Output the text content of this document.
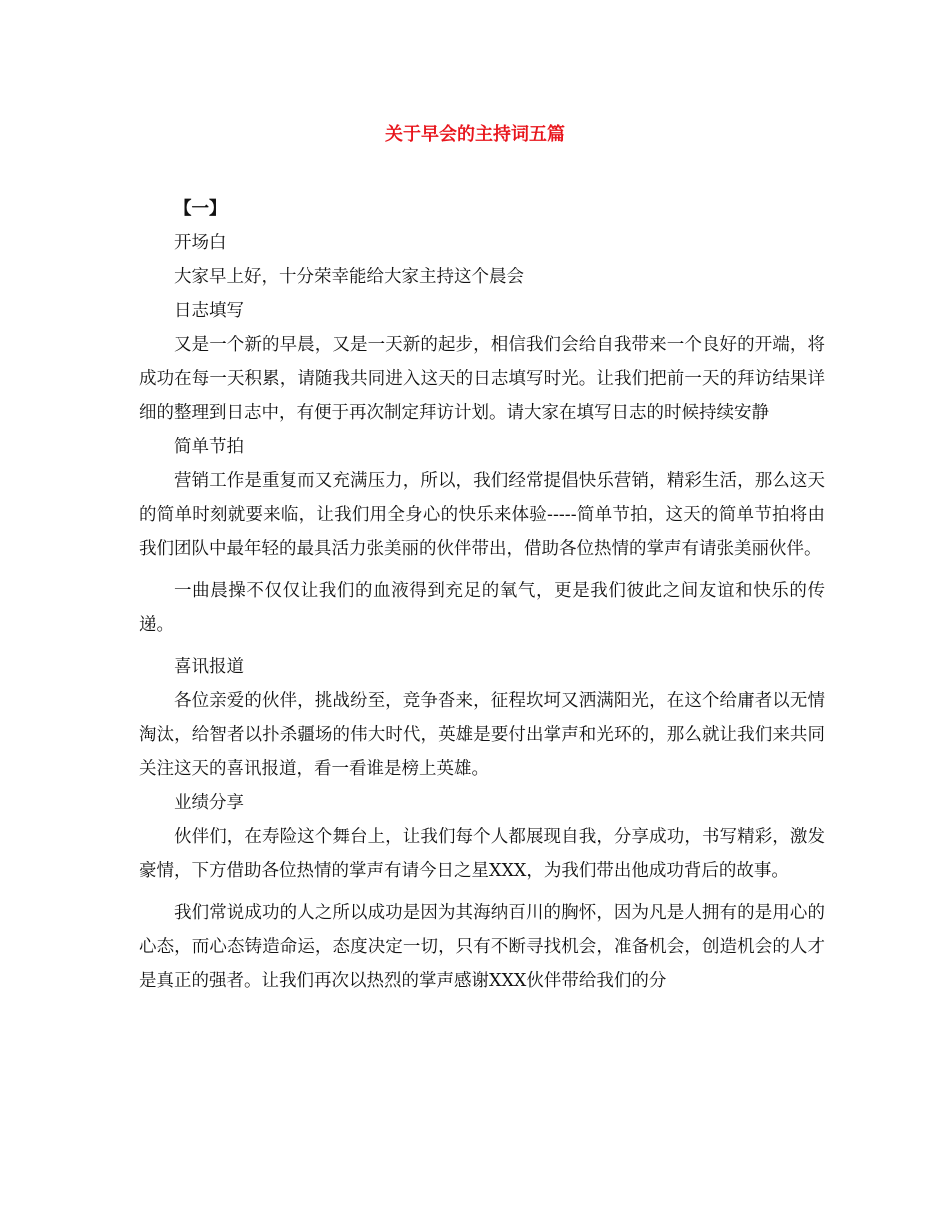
关于早会的主持词五篇

【一】

开场白

大家早上好，十分荣幸能给大家主持这个晨会

日志填写

又是一个新的早晨，又是一天新的起步，相信我们会给自我带来一个良好的开端，将成功在每一天积累，请随我共同进入这天的日志填写时光。让我们把前一天的拜访结果详细的整理到日志中，有便于再次制定拜访计划。请大家在填写日志的时候持续安静

简单节拍

营销工作是重复而又充满压力，所以，我们经常提倡快乐营销，精彩生活，那么这天的简单时刻就要来临，让我们用全身心的快乐来体验-----简单节拍，这天的简单节拍将由我们团队中最年轻的最具活力张美丽的伙伴带出，借助各位热情的掌声有请张美丽伙伴。

一曲晨操不仅仅让我们的血液得到充足的氧气，更是我们彼此之间友谊和快乐的传递。

喜讯报道

各位亲爱的伙伴，挑战纷至，竞争沓来，征程坎坷又洒满阳光，在这个给庸者以无情淘汰，给智者以扑杀疆场的伟大时代，英雄是要付出掌声和光环的，那么就让我们来共同关注这天的喜讯报道，看一看谁是榜上英雄。

业绩分享

伙伴们，在寿险这个舞台上，让我们每个人都展现自我，分享成功，书写精彩，激发豪情，下方借助各位热情的掌声有请今日之星XXX，为我们带出他成功背后的故事。

我们常说成功的人之所以成功是因为其海纳百川的胸怀，因为凡是人拥有的是用心的心态，而心态铸造命运，态度决定一切，只有不断寻找机会，准备机会，创造机会的人才是真正的强者。让我们再次以热烈的掌声感谢XXX伙伴带给我们的分
